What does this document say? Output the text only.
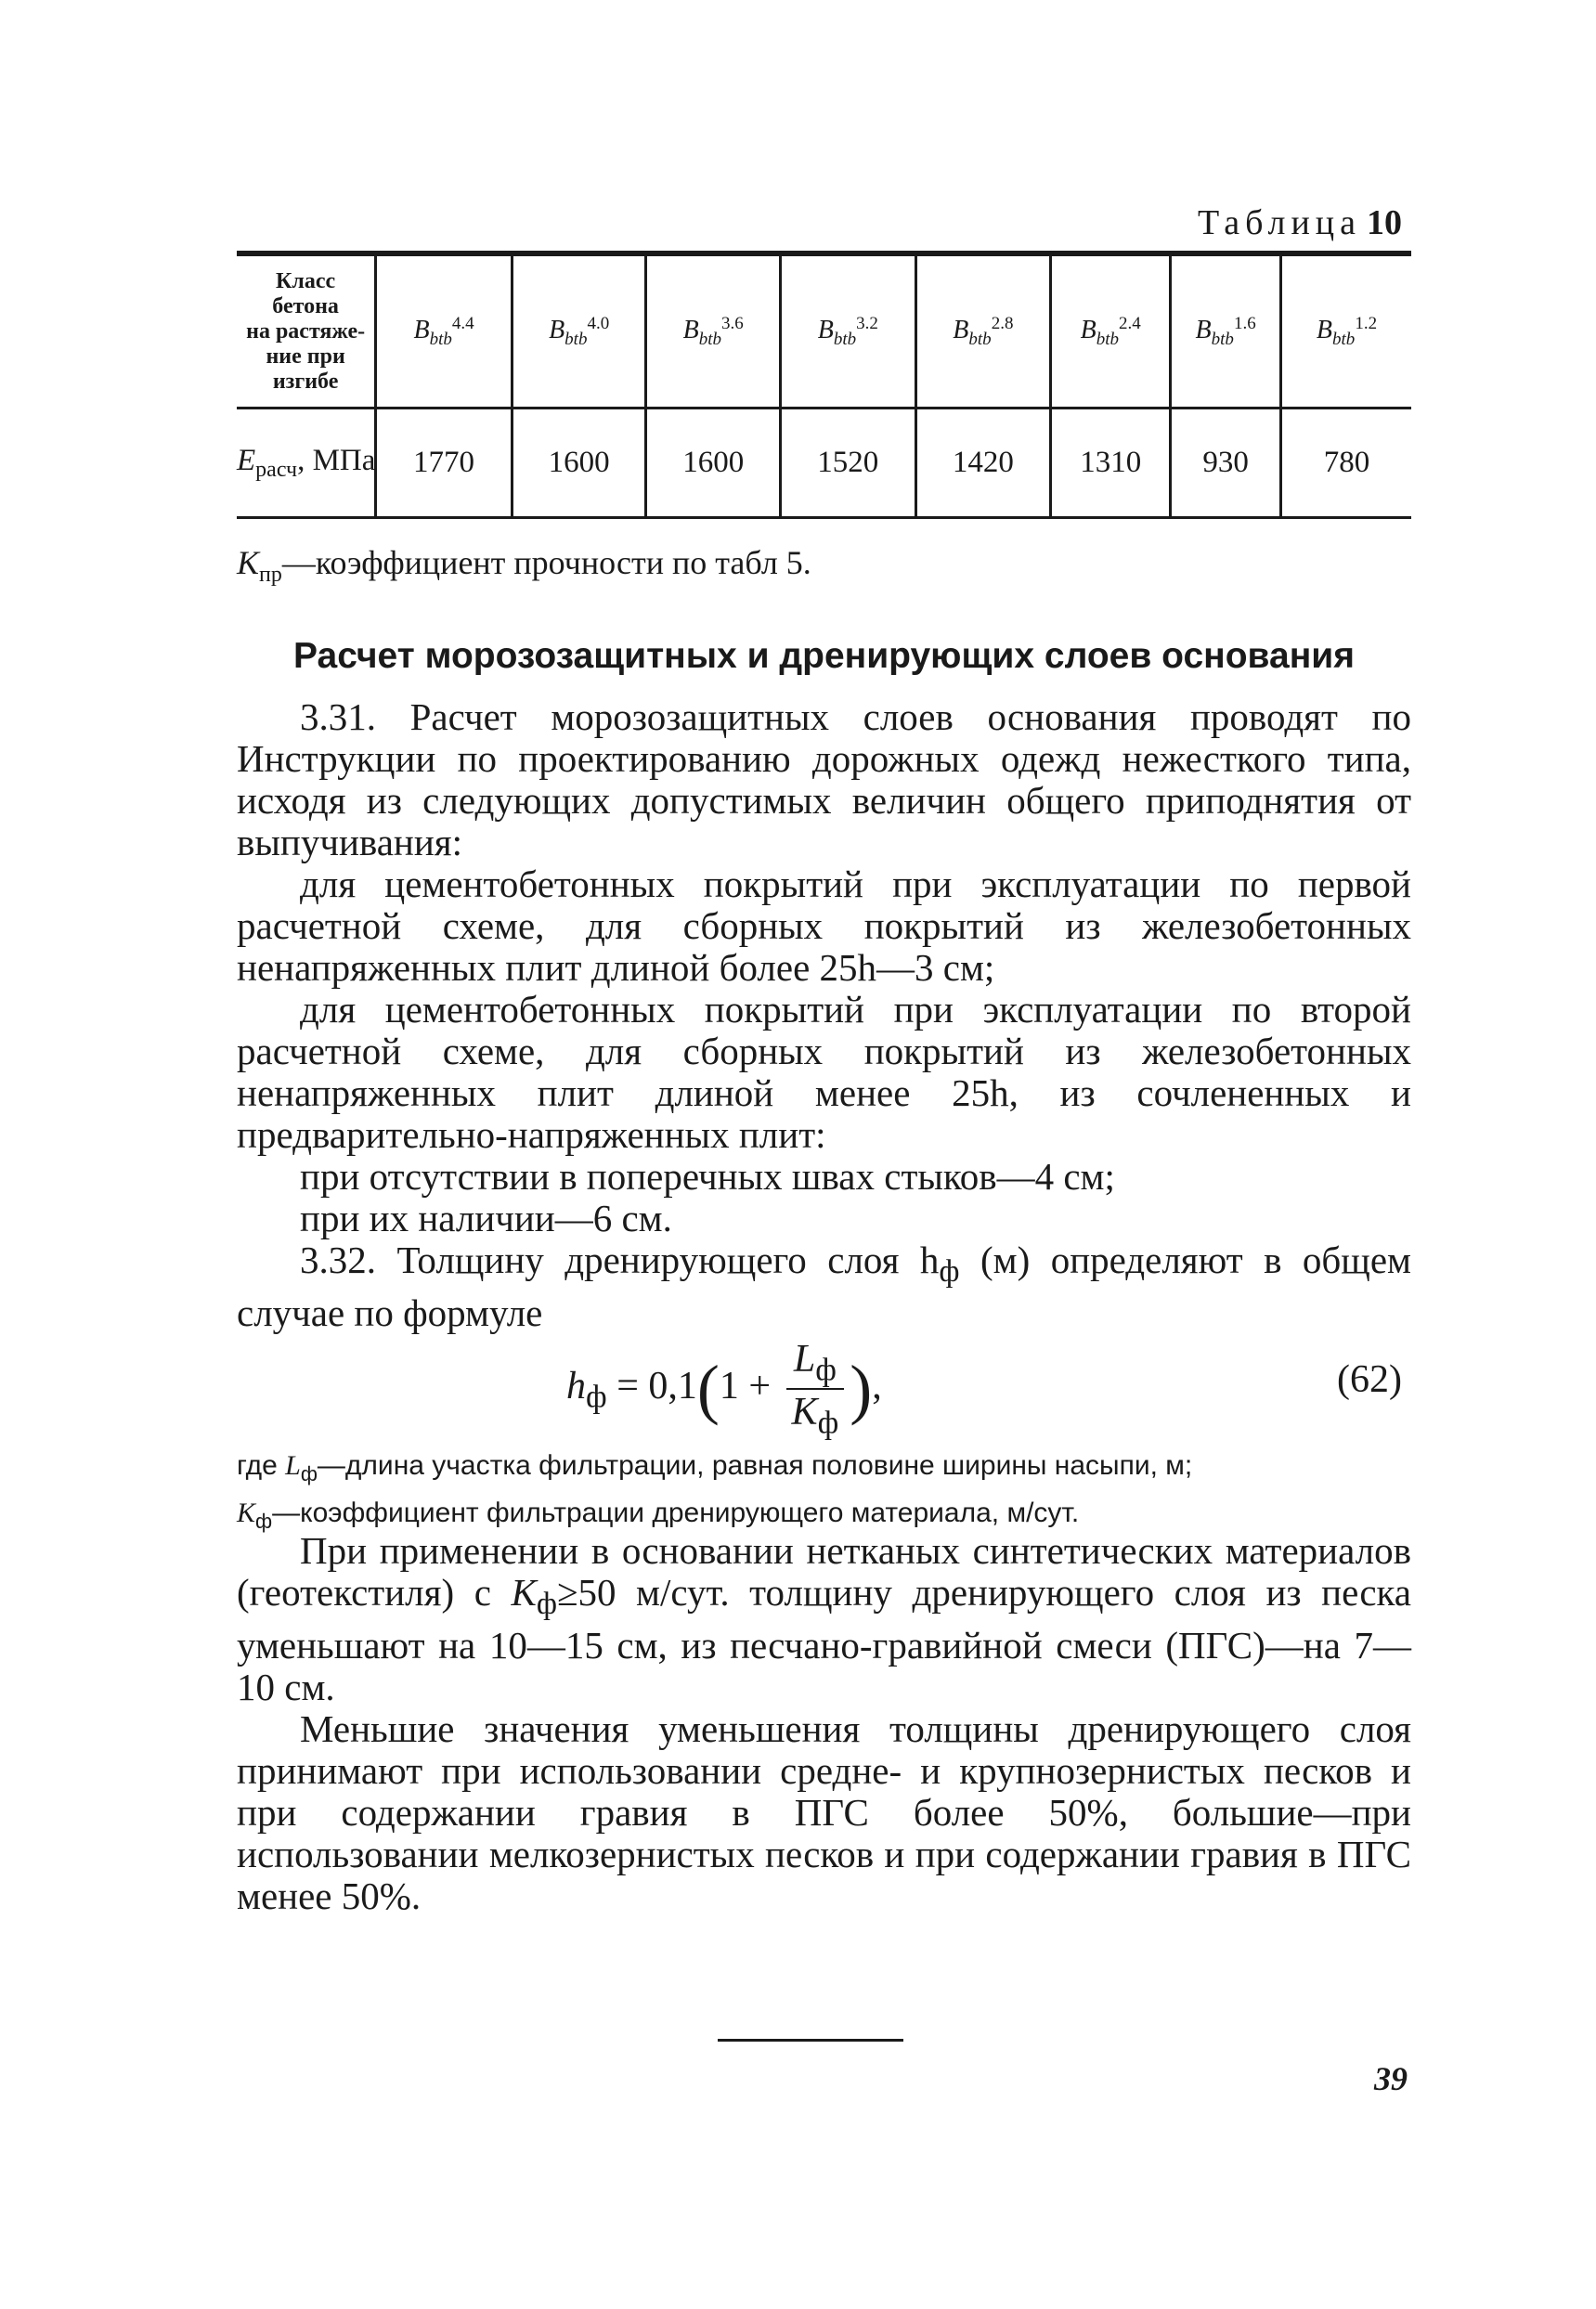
Таблица 10
Класс
бетона
на растяже-
ние при
изгибе	$B_{btb}^{4.4}$	$B_{btb}^{4.0}$	$B_{btb}^{3.6}$	$B_{btb}^{3.2}$	$B_{btb}^{2.8}$	$B_{btb}^{2.4}$	$B_{btb}^{1.6}$	$B_{btb}^{1.2}$
$E_{расч}$, МПа	1770	1600	1600	1520	1420	1310	930	780
$K_{пр}—коэффициент$ прочности по табл 5.
Расчет морозозащитных и дренирующих слоев основания

3.31. Расчет морозозащитных слоев основания проводят по Инструкции по проектированию дорожных одежд нежесткого типа, исходя из следующих допустимых величин общего приподнятия от выпучивания:

для цементобетонных покрытий при эксплуатации по первой расчетной схеме, для сборных покрытий из железобетонных ненапряженных плит длиной более 25h—3 см;

для цементобетонных покрытий при эксплуатации по второй расчетной схеме, для сборных покрытий из железобетонных ненапряженных плит длиной менее 25h, из сочлененных и предварительно-напряженных плит:

при отсутствии в поперечных швах стыков—4 см;

при их наличии—6 см.

3.32. Толщину дренирующего слоя $h_ф$ (м) определяют в общем случае по формуле

$h_ф = 0,1(1 + \frac{L_ф}{K_ф}$ ),	(62)
где $L_ф—длина$ участка фильтрации, равная половине ширины насыпи, м;
$K_ф—коэффициент$ фильтрации дренирующего материала, м/сут.

При применении в основании нетканых синтетических материалов (геотекстиля) с $K_ф\ge 50$ м/сут. толщину дренирующего слоя из песка уменьшают на 10—15 см, из песчано-гравийной смеси (ПГС)—на 7—10 см.

Меньшие значения уменьшения толщины дренирующего слоя принимают при использовании средне- и крупнозернистых песков и при содержании гравия в ПГС более 50%, большие—при использовании мелкозернистых песков и при содержании гравия в ПГС менее 50%.

39
